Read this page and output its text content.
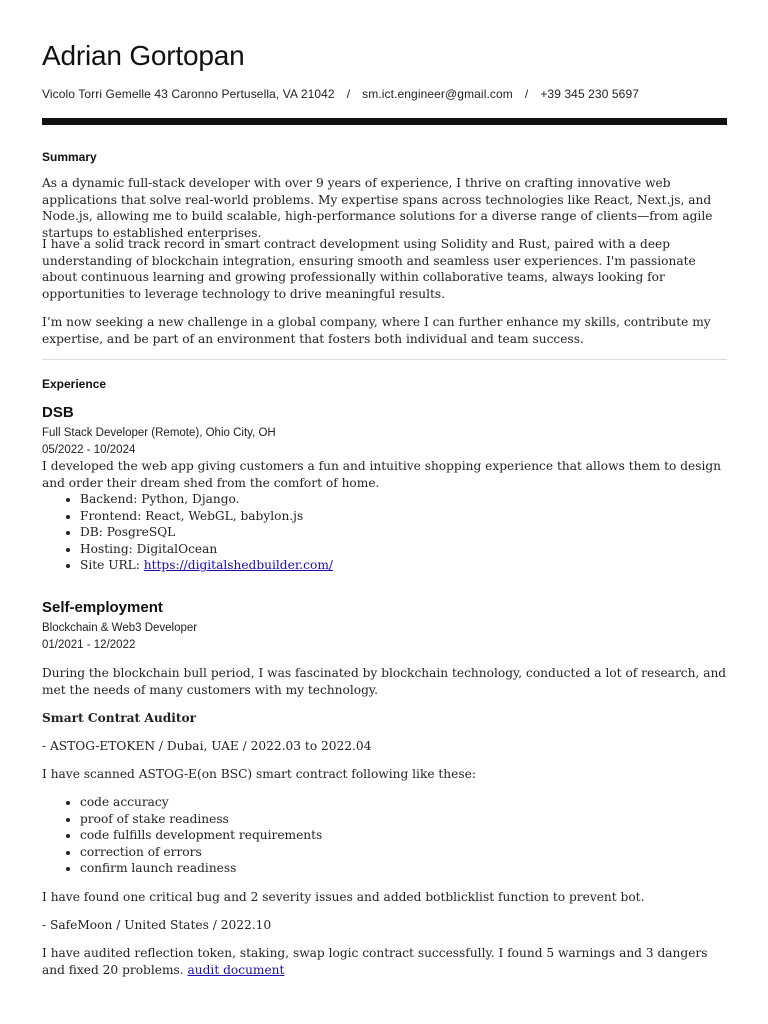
Adrian Gortopan
Vicolo Torri Gemelle 43 Caronno Pertusella, VA 21042 / sm.ict.engineer@gmail.com / +39 345 230 5697
Summary

As a dynamic full-stack developer with over 9 years of experience, I thrive on crafting innovative web applications that solve real-world problems. My expertise spans across technologies like React, Next.js, and Node.js, allowing me to build scalable, high-performance solutions for a diverse range of clients—from agile startups to established enterprises.

I have a solid track record in smart contract development using Solidity and Rust, paired with a deep understanding of blockchain integration, ensuring smooth and seamless user experiences. I'm passionate about continuous learning and growing professionally within collaborative teams, always looking for opportunities to leverage technology to drive meaningful results.

I’m now seeking a new challenge in a global company, where I can further enhance my skills, contribute my expertise, and be part of an environment that fosters both individual and team success.

Experience
DSB
Full Stack Developer (Remote), Ohio City, OH
05/2022 - 10/2024

I developed the web app giving customers a fun and intuitive shopping experience that allows them to design and order their dream shed from the comfort of home.

• Backend: Python, Django.
• Frontend: React, WebGL, babylon.js
• DB: PosgreSQL
• Hosting: DigitalOcean
• Site URL: https://digitalshedbuilder.com/
Self-employment
Blockchain & Web3 Developer
01/2021 - 12/2022

During the blockchain bull period, I was fascinated by blockchain technology, conducted a lot of research, and met the needs of many customers with my technology.

Smart Contrat Auditor
- ASTOG-ETOKEN / Dubai, UAE / 2022.03 to 2022.04
I have scanned ASTOG-E(on BSC) smart contract following like these:
• code accuracy
• proof of stake readiness
• code fulfills development requirements
• correction of errors
• confirm launch readiness
I have found one critical bug and 2 severity issues and added botblicklist function to prevent bot.
- SafeMoon / United States / 2022.10

I have audited reflection token, staking, swap logic contract successfully. I found 5 warnings and 3 dangers and fixed 20 problems. audit document
